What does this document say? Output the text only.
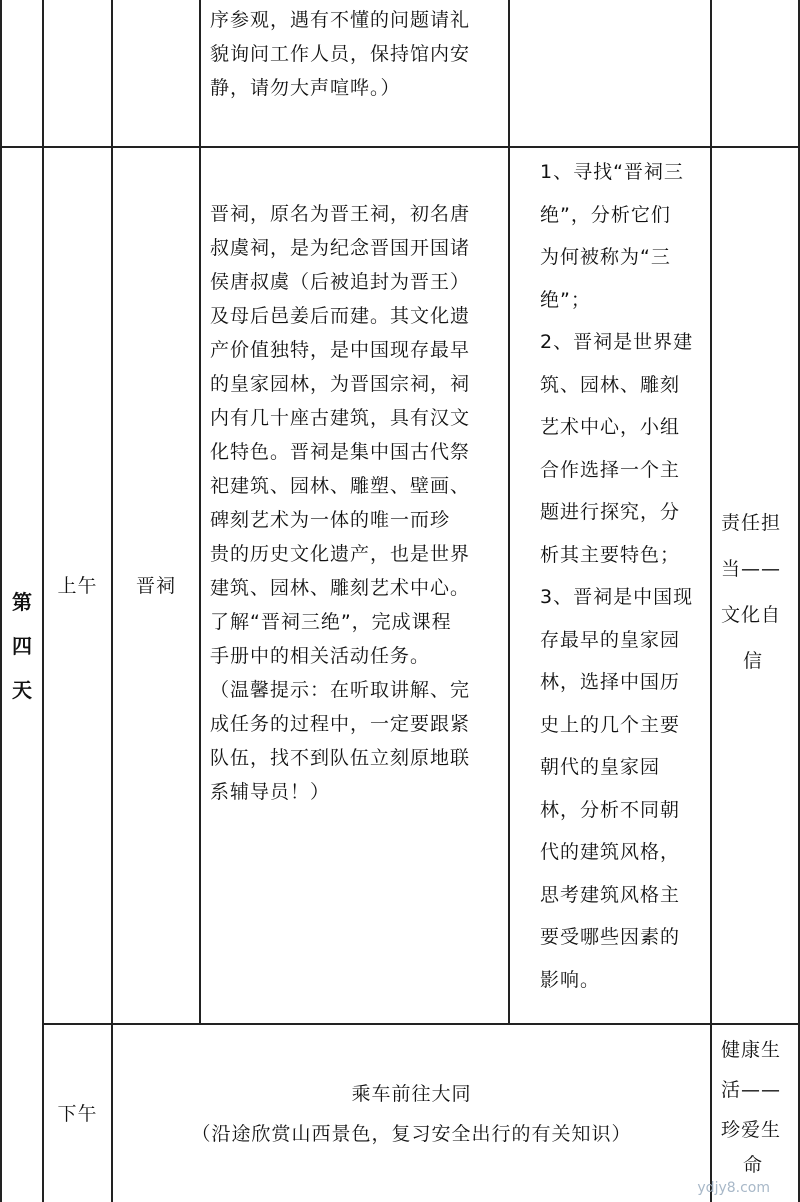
序参观，遇有不懂的问题请礼
貌询问工作人员，保持馆内安
静，请勿大声喧哗。）
第
四
天
上午 晋祠
晋祠，原名为晋王祠，初名唐
叔虞祠，是为纪念晋国开国诸
侯唐叔虞（后被追封为晋王）
及母后邑姜后而建。其文化遗
产价值独特，是中国现存最早
的皇家园林，为晋国宗祠，祠
内有几十座古建筑，具有汉文
化特色。晋祠是集中国古代祭
祀建筑、园林、雕塑、壁画、
碑刻艺术为一体的唯一而珍
贵的历史文化遗产，也是世界
建筑、园林、雕刻艺术中心。
了解“晋祠三绝”，完成课程
手册中的相关活动任务。
（温馨提示：在听取讲解、完
成任务的过程中，一定要跟紧
队伍，找不到队伍立刻原地联
系辅导员！）
1、寻找“晋祠三
绝”，分析它们
为何被称为“三
绝”；
2、晋祠是世界建
筑、园林、雕刻
艺术中心，小组
合作选择一个主
题进行探究，分
析其主要特色；
3、晋祠是中国现
存最早的皇家园
林，选择中国历
史上的几个主要
朝代的皇家园
林，分析不同朝
代的建筑风格，
思考建筑风格主
要受哪些因素的
影响。
责任担
当——
文化自
信
下午
乘车前往大同
（沿途欣赏山西景色，复习安全出行的有关知识）
健康生
活——
珍爱生
命
ydjy8.com
